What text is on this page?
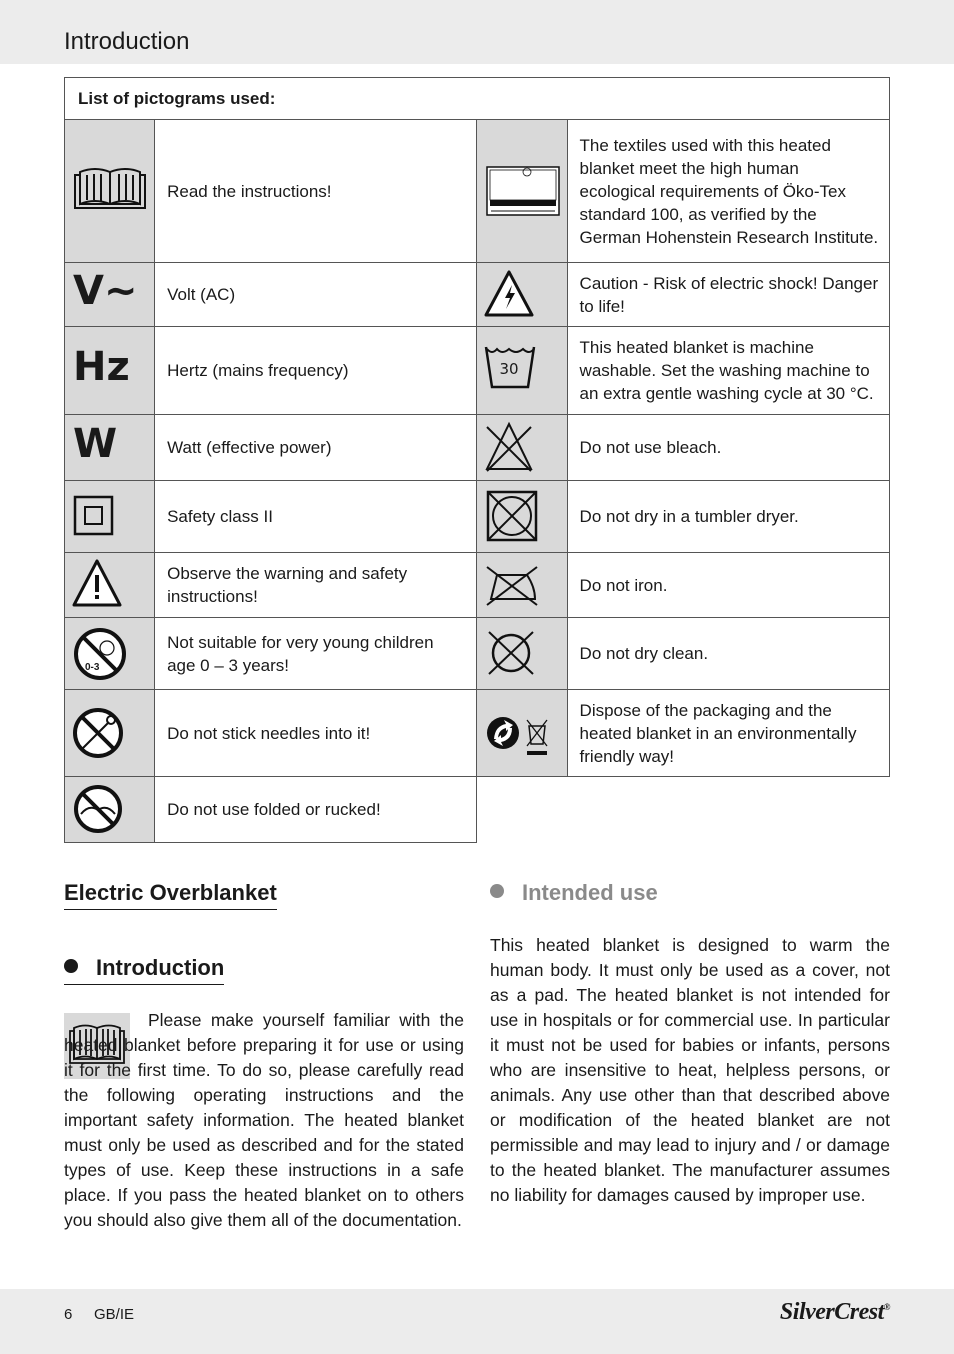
Introduction
List of pictograms used:			

	Read the instructions!		The textiles used with this heated blanket meet the high human ecological requirements of Öko-Tex standard 100, as verified by the German Hohenstein Research Institute.
V~	Volt (AC)		Caution - Risk of electric shock! Danger to life!
Hz	Hertz (mains frequency)	30	This heated blanket is machine washable. Set the washing machine to an extra gentle washing cycle at 30 °C.
W	Watt (effective power)		Do not use bleach.

	Safety class II		Do not dry in a tumbler dryer.

	Observe the warning and safety instructions!		Do not iron.

0-3	Not suitable for very young children age 0 – 3 years!		Do not dry clean.

	Do not stick needles into it!		Dispose of the packaging and the heated blanket in an environmentally friendly way!

	Do not use folded or rucked!		
Electric Overblanket
Introduction

Please make yourself familiar with the heated blanket before preparing it for use or using it for the first time. To do so, please carefully read the following operating instructions and the important safety information. The heated blanket must only be used as described and for the stated types of use. Keep these instructions in a safe place. If you pass the heated blanket on to others you should also give them all of the documentation.

Intended use

This heated blanket is designed to warm the human body. It must only be used as a cover, not as a pad. The heated blanket is not intended for use in hospitals or for commercial use. In particular it must not be used for babies or infants, persons who are insensitive to heat, helpless persons, or animals. Any use other than that described above or modification of the heated blanket are not permissible and may lead to injury and / or damage to the heated blanket. The manufacturer assumes no liability for damages caused by improper use.

6 GB/IE	SilverCrest®
